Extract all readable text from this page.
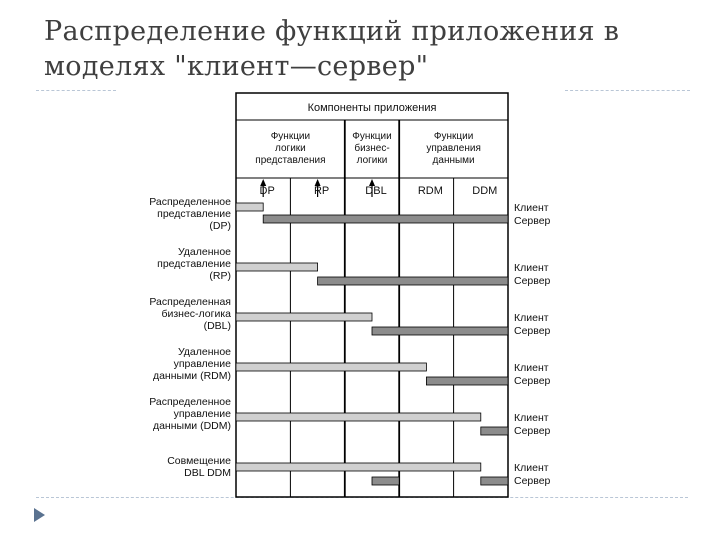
Распределение функций приложения в
моделях "клиент—сервер"
Компоненты приложения
Функции
логики
представления
Функции
бизнес-
логики
Функции
управления
данными
DP	RP	DBL	RDM	DDM
Распределенное
представление
(DP)
Клиент
Сервер
Удаленное
представление
(RP)
Клиент
Сервер
Распределенная
бизнес-логика
(DBL)
Клиент
Сервер
Удаленное
управление
данными (RDM)
Клиент
Сервер
Распределенное
управление
данными (DDM)
Клиент
Сервер
Совмещение
DBL DDM	Клиент
Сервер
